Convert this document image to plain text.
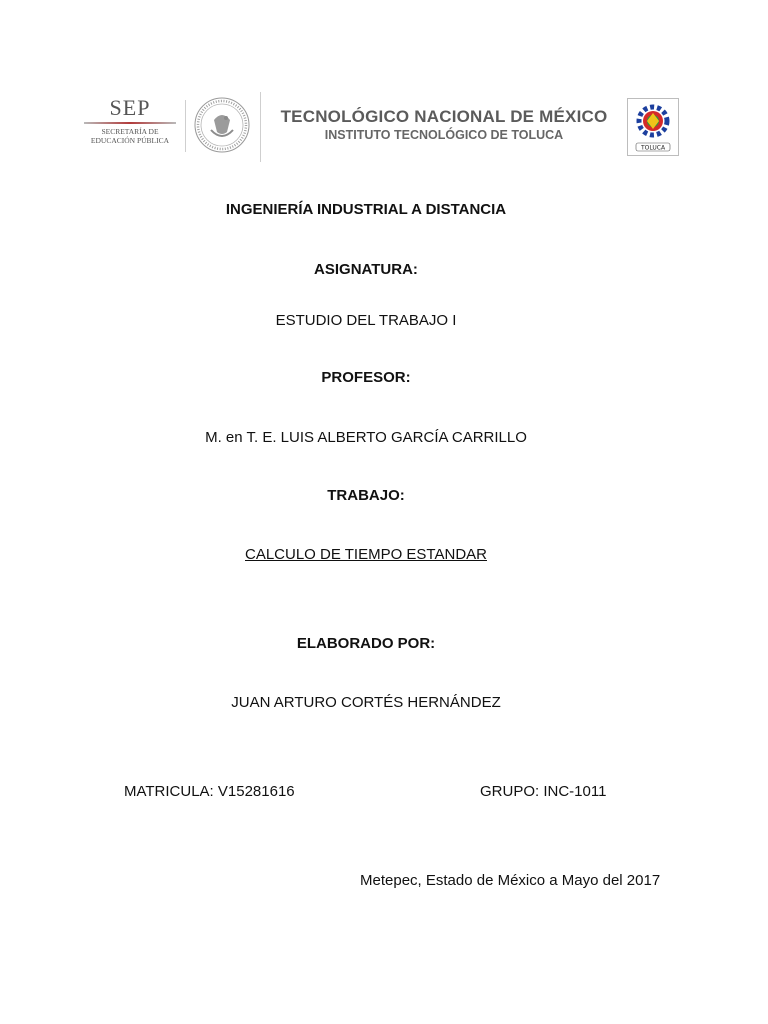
SEP
SECRETARÍA DE
EDUCACIÓN PÚBLICA
TECNOLÓGICO NACIONAL DE MÉXICO
INSTITUTO TECNOLÓGICO DE TOLUCA
TOLUCA
INGENIERÍA INDUSTRIAL A DISTANCIA
ASIGNATURA:
ESTUDIO DEL TRABAJO I
PROFESOR:
M. en T. E. LUIS ALBERTO GARCÍA CARRILLO
TRABAJO:
CALCULO DE TIEMPO ESTANDAR
ELABORADO POR:
JUAN ARTURO CORTÉS HERNÁNDEZ
MATRICULA: V15281616	GRUPO: INC-1011
Metepec, Estado de México a Mayo del 2017
